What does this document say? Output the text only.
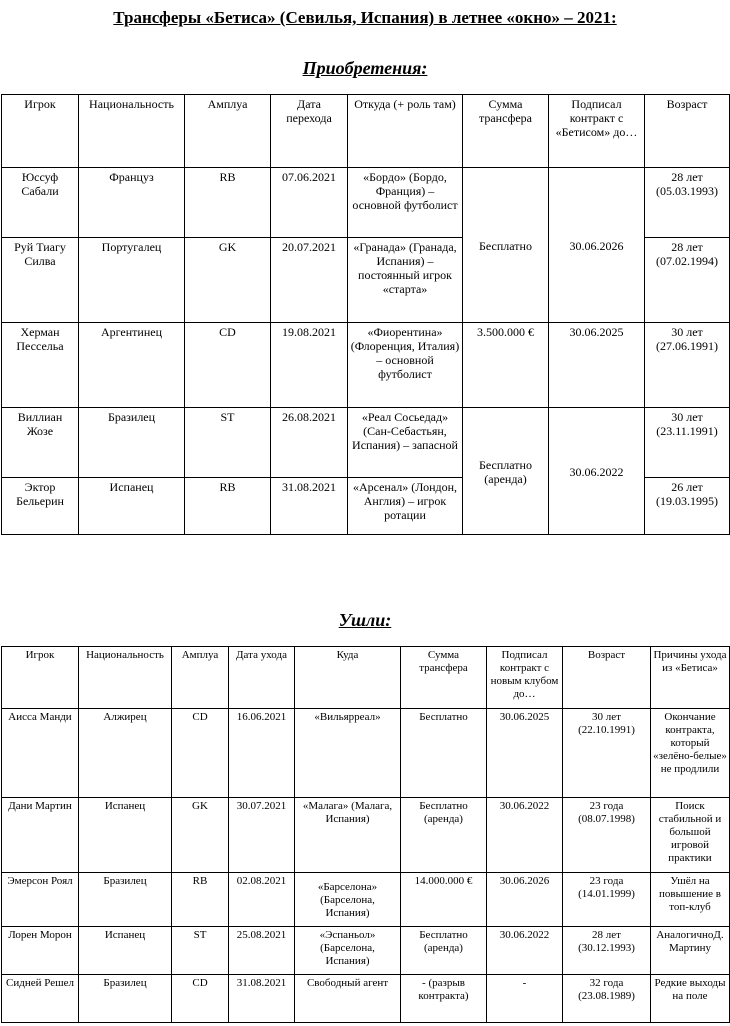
Трансферы «Бетиса» (Севилья, Испания) в летнее «окно» – 2021:
Приобретения:
Игрок	Национальность	Амплуа	Дата перехода	Откуда (+ роль там)	Сумма трансфера	Подписал контракт с «Бетисом» до…	Возраст
Юссуф Сабали	Француз	RB	07.06.2021	«Бордо» (Бордо, Франция) – основной футболист	Бесплатно	30.06.2026	28 лет (05.03.1993)
Руй Тиагу Силва	Португалец	GK	20.07.2021	«Гранада» (Гранада, Испания) – постоянный игрок «старта»			28 лет (07.02.1994)
Херман Пессельа	Аргентинец	CD	19.08.2021	«Фиорентина» (Флоренция, Италия) – основной футболист	3.500.000 €	30.06.2025	30 лет (27.06.1991)
Виллиан Жозе	Бразилец	ST	26.08.2021	«Реал Сосьедад» (Сан-Себастьян, Испания) – запасной	Бесплатно (аренда)	30.06.2022	30 лет (23.11.1991)
Эктор Бельерин	Испанец	RB	31.08.2021	«Арсенал» (Лондон, Англия) – игрок ротации			26 лет (19.03.1995)
Ушли:
Игрок	Национальность	Амплуа	Дата ухода	Куда	Сумма трансфера	Подписал контракт с новым клубом до…	Возраст	Причины ухода из «Бетиса»
Аисса Манди	Алжирец	CD	16.06.2021	«Вильярреал»	Бесплатно	30.06.2025	30 лет (22.10.1991)	Окончание контракта, который «зелёно-белые» не продлили
Дани Мартин	Испанец	GK	30.07.2021	«Малага» (Малага, Испания)	Бесплатно (аренда)	30.06.2022	23 года (08.07.1998)	Поиск стабильной и большой игровой практики
Эмерсон Роял	Бразилец	RB	02.08.2021	«Барселона» (Барселона, Испания)	14.000.000 €	30.06.2026	23 года (14.01.1999)	Ушёл на повышение в топ-клуб
Лорен Морон	Испанец	ST	25.08.2021	«Эспаньол» (Барселона, Испания)	Бесплатно (аренда)	30.06.2022	28 лет (30.12.1993)	АналогичноД. Мартину
Сидней Решел	Бразилец	CD	31.08.2021	Свободный агент	- (разрыв контракта)	-	32 года (23.08.1989)	Редкие выходы на поле
